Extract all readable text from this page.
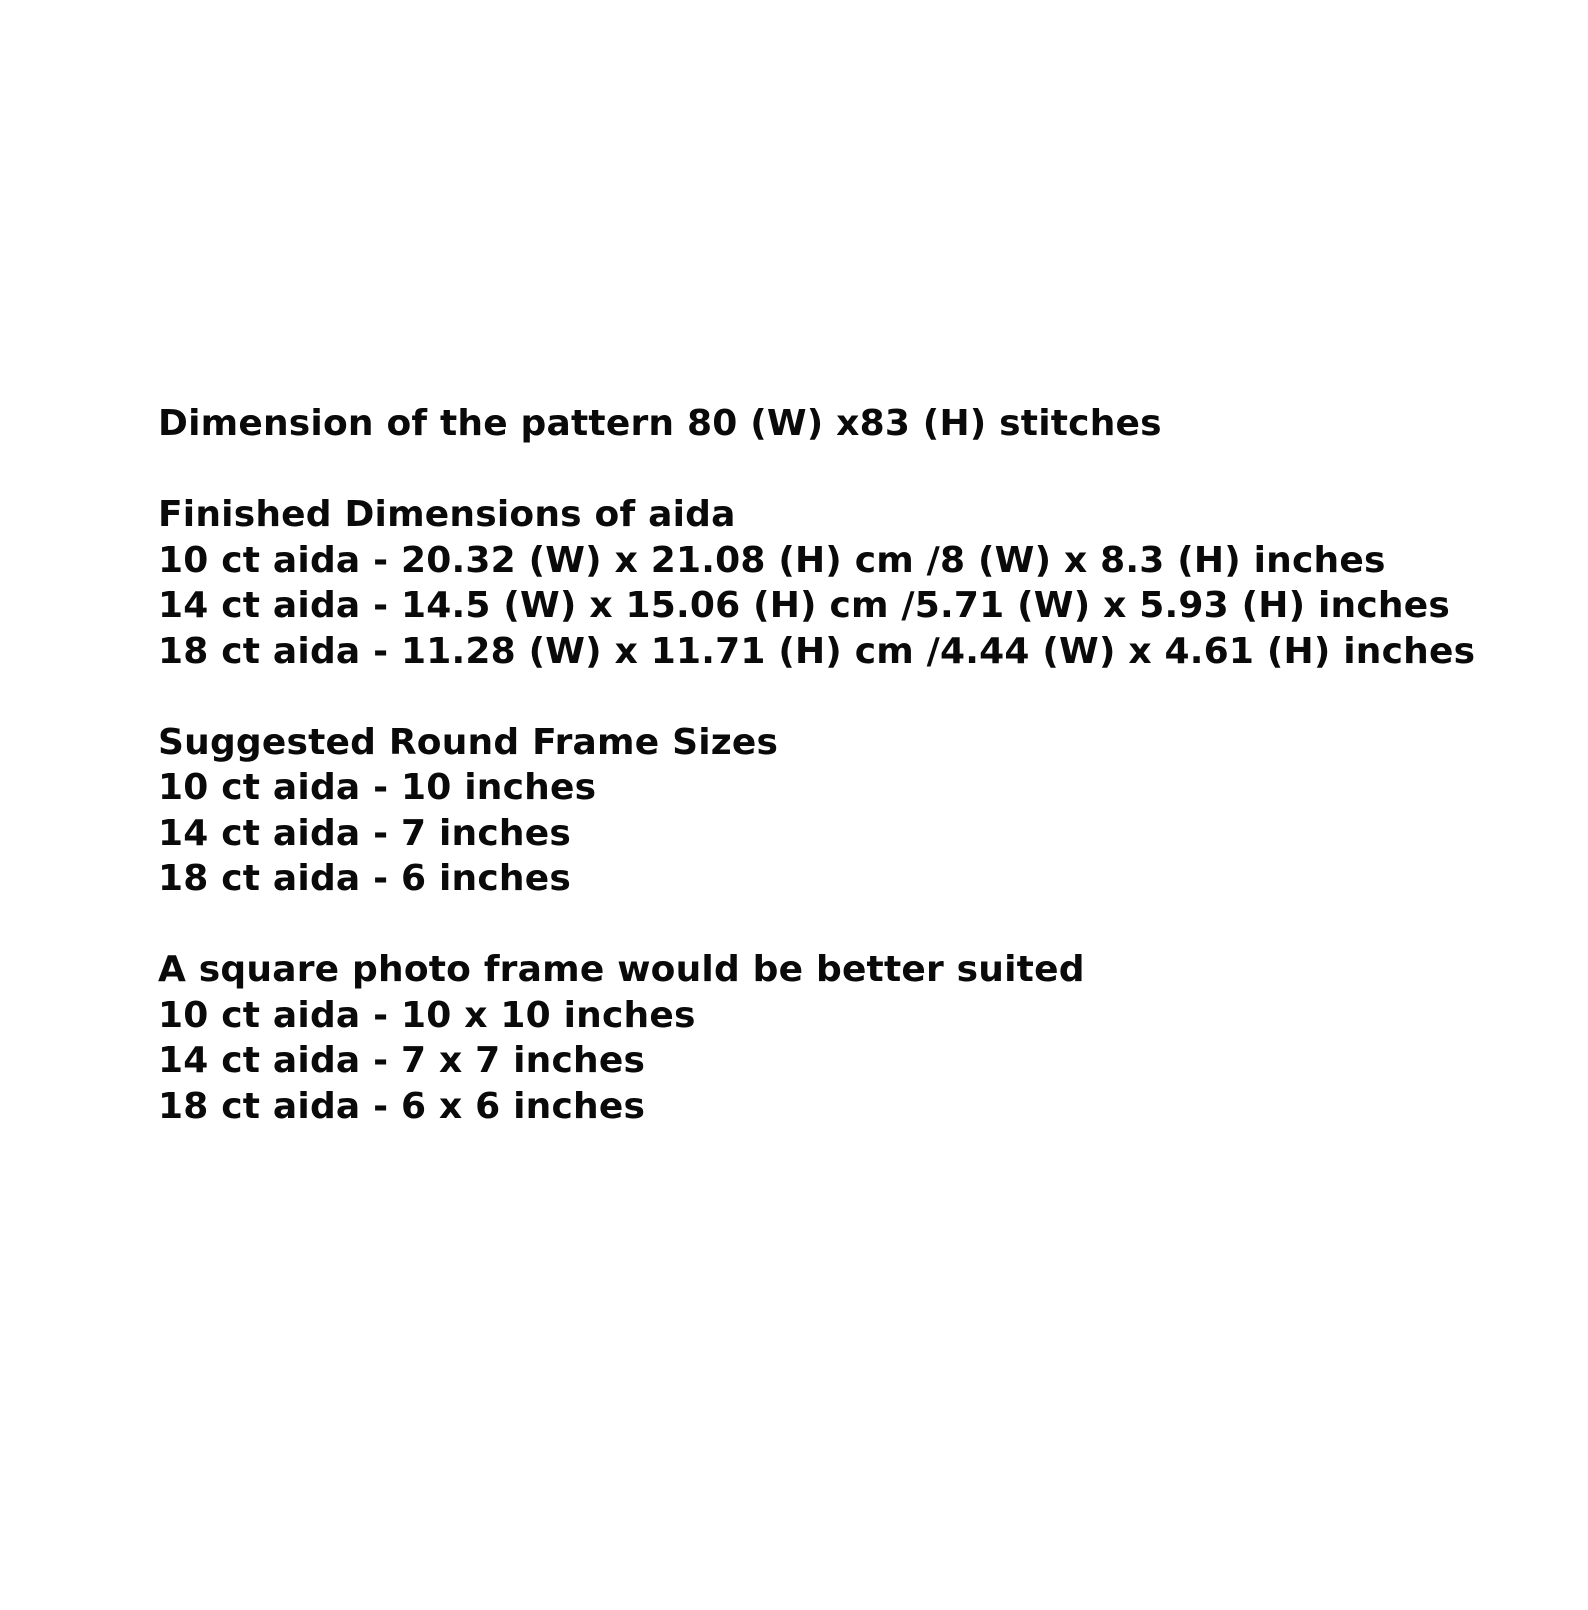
Dimension of the pattern 80 (W) x83 (H) stitches
Finished Dimensions of aida
10 ct aida - 20.32 (W) x 21.08 (H) cm /8 (W) x 8.3 (H) inches
14 ct aida - 14.5 (W) x 15.06 (H) cm /5.71 (W) x 5.93 (H) inches
18 ct aida - 11.28 (W) x 11.71 (H) cm /4.44 (W) x 4.61 (H) inches
Suggested Round Frame Sizes
10 ct aida - 10 inches
14 ct aida - 7 inches
18 ct aida - 6 inches
A square photo frame would be better suited
10 ct aida - 10 x 10 inches
14 ct aida - 7 x 7 inches
18 ct aida - 6 x 6 inches
